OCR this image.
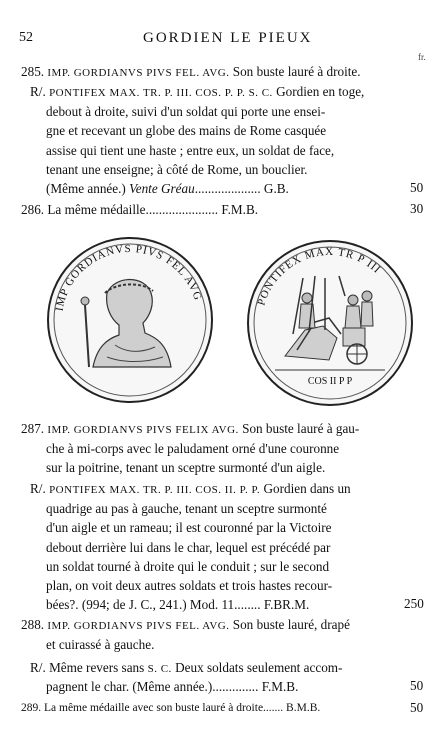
52	GORDIEN LE PIEUX
fr.
285. IMP. GORDIANVS PIVS FEL. AVG. Son buste lauré à droite.
R/. PONTIFEX MAX. TR. P. III. COS. P. P. S. C. Gordien en toge,
debout à droite, suivi d'un soldat qui porte une ensei-
gne et recevant un globe des mains de Rome casquée
assise qui tient une haste ; entre eux, un soldat de face,
tenant une enseigne; à côté de Rome, un bouclier.
(Même année.) Vente Gréau.................... G.B.	50
286. La même médaille...................... F.M.B.	30
IMP GORDIANVS PIVS FEL AVG	PONTIFEX MAX TR P III
COS II P P
287. IMP. GORDIANVS PIVS FELIX AVG. Son buste lauré à gau-
che à mi-corps avec le paludament orné d'une couronne
sur la poitrine, tenant un sceptre surmonté d'un aigle.
R/. PONTIFEX MAX. TR. P. III. COS. II. P. P. Gordien dans un
quadrige au pas à gauche, tenant un sceptre surmonté
d'un aigle et un rameau; il est couronné par la Victoire
debout derrière lui dans le char, lequel est précédé par
un soldat tourné à droite qui le conduit ; sur le second
plan, on voit deux autres soldats et trois hastes recour-
bées?. (994; de J. C., 241.) Mod. 11........ F.BR.M.	250
288. IMP. GORDIANVS PIVS FEL. AVG. Son buste lauré, drapé
et cuirassé à gauche.
R/. Même revers sans S. C. Deux soldats seulement accom-
pagnent le char. (Même année.).............. F.M.B.	50
289. La même médaille avec son buste lauré à droite....... B.M.B.	50
